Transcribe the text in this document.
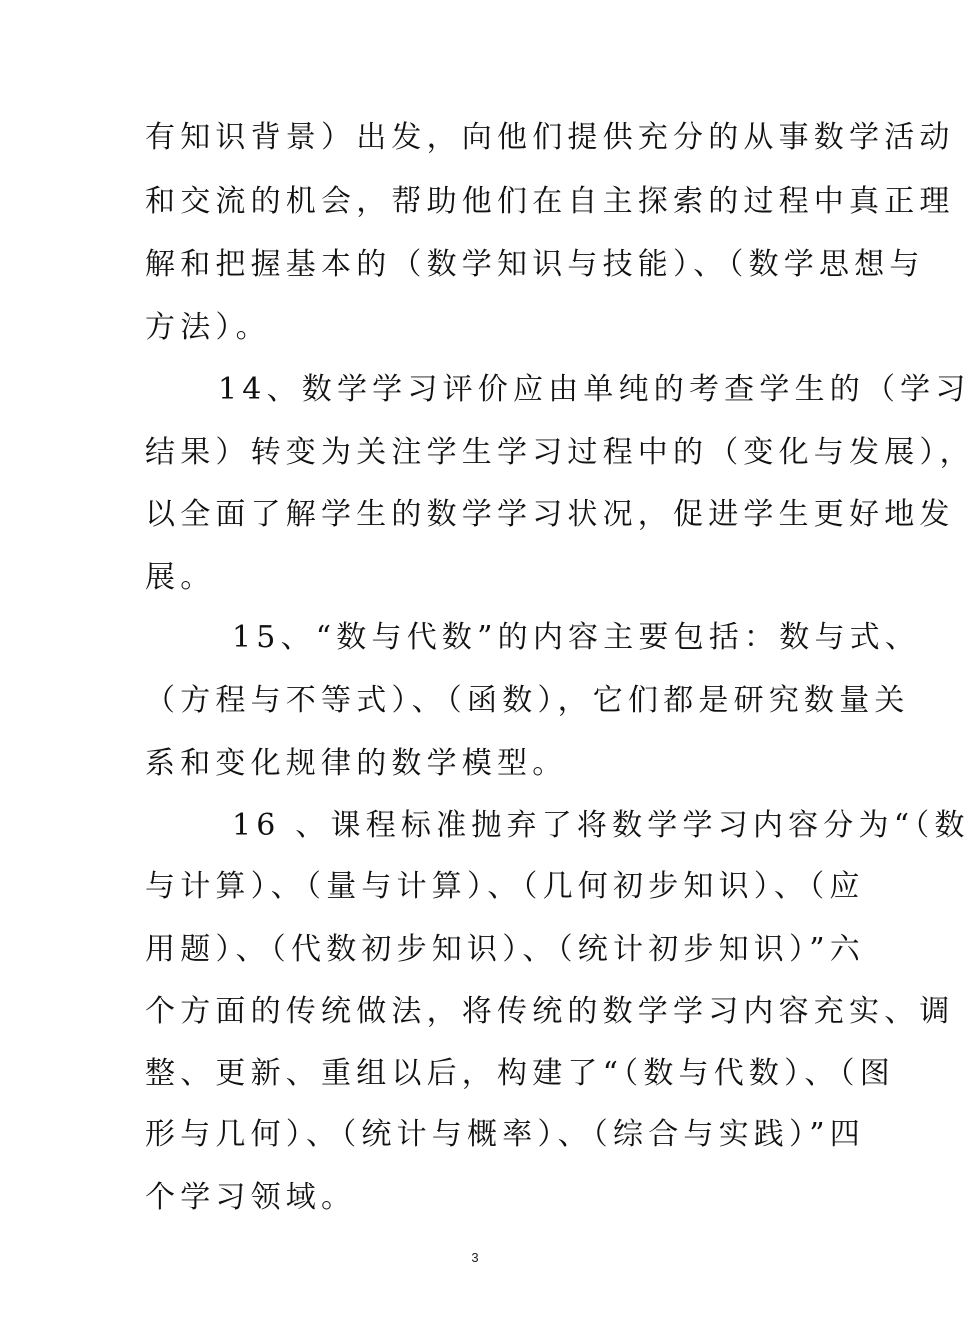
有知识背景）出发，向他们提供充分的从事数学活动
和交流的机会，帮助他们在自主探索的过程中真正理
解和把握基本的（数学知识与技能）、（数学思想与
方法）。
14、数学学习评价应由单纯的考查学生的（学习
结果）转变为关注学生学习过程中的（变化与发展），
以全面了解学生的数学学习状况，促进学生更好地发
展。
15、“数与代数”的内容主要包括：数与式、
（方程与不等式）、（函数），它们都是研究数量关
系和变化规律的数学模型。
16 、课程标准抛弃了将数学学习内容分为“（数
与计算）、（量与计算）、（几何初步知识）、（应
用题）、（代数初步知识）、（统计初步知识）”六
个方面的传统做法，将传统的数学学习内容充实、调
整、更新、重组以后，构建了“（数与代数）、（图
形与几何）、（统计与概率）、（综合与实践）”四
个学习领域。
3
